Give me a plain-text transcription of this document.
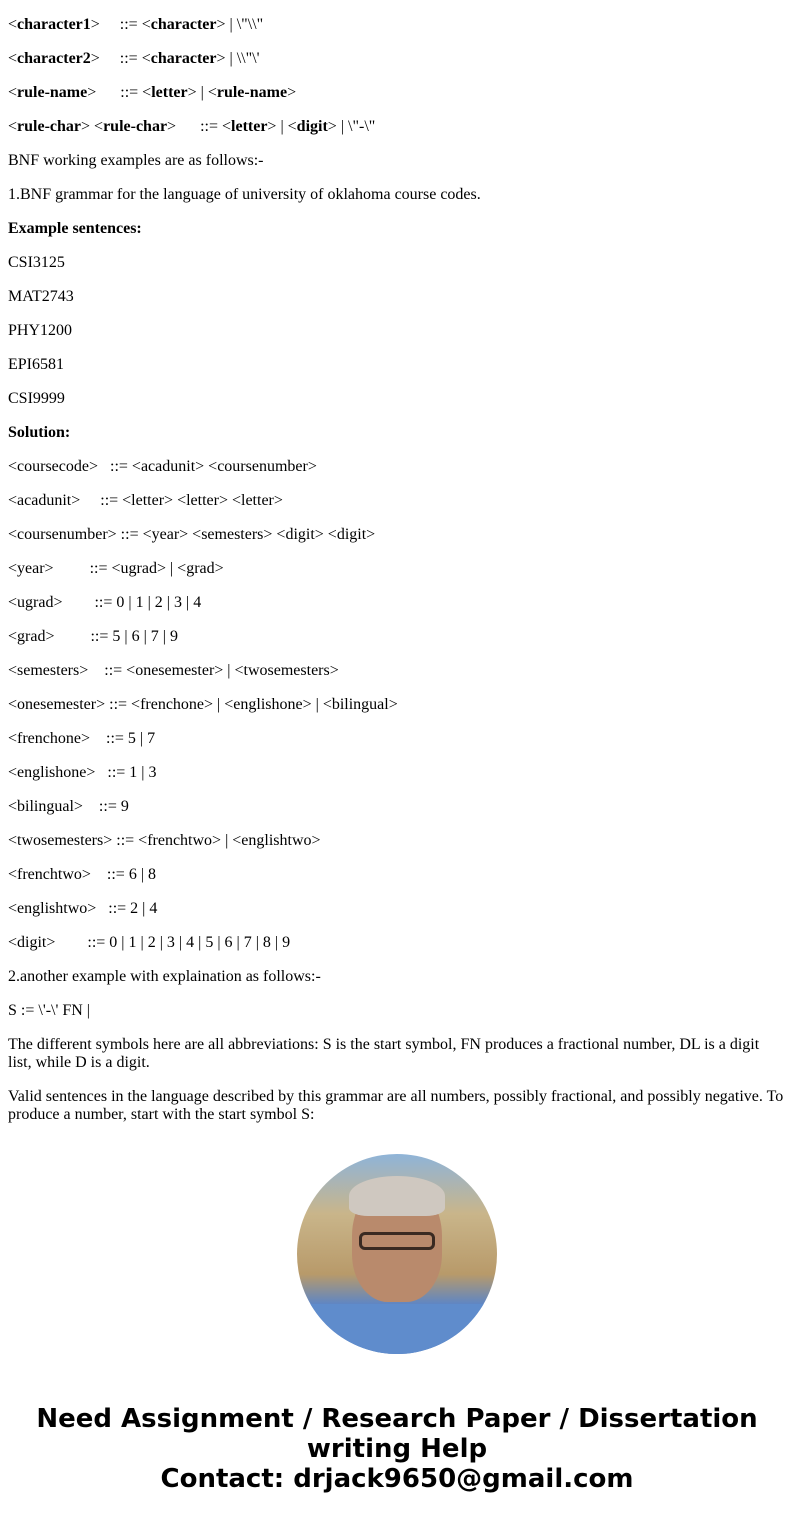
<character1>     ::= <character> | \"\\"

<character2>     ::= <character> | \\"\'

<rule-name>      ::= <letter> | <rule-name>

<rule-char> <rule-char>      ::= <letter> | <digit> | \"-\"

BNF working examples are as follows:-

1.BNF grammar for the language of university of oklahoma course codes.

Example sentences:

CSI3125

MAT2743

PHY1200

EPI6581

CSI9999

Solution:

<coursecode>   ::= <acadunit> <coursenumber>

<acadunit>     ::= <letter> <letter> <letter>

<coursenumber> ::= <year> <semesters> <digit> <digit>

<year>         ::= <ugrad> | <grad>

<ugrad>        ::= 0 | 1 | 2 | 3 | 4

<grad>         ::= 5 | 6 | 7 | 9

<semesters>    ::= <onesemester> | <twosemesters>

<onesemester> ::= <frenchone> | <englishone> | <bilingual>

<frenchone>    ::= 5 | 7

<englishone>   ::= 1 | 3

<bilingual>    ::= 9

<twosemesters> ::= <frenchtwo> | <englishtwo>

<frenchtwo>    ::= 6 | 8

<englishtwo>   ::= 2 | 4

<digit>        ::= 0 | 1 | 2 | 3 | 4 | 5 | 6 | 7 | 8 | 9

2.another example with explaination as follows:-

S := \'-\' FN |

The different symbols here are all abbreviations: S is the start symbol, FN produces a fractional number, DL is a digit list, while D is a digit.

Valid sentences in the language described by this grammar are all numbers, possibly fractional, and possibly negative. To produce a number, start with the start symbol S:

Need Assignment / Research Paper / Dissertation writing Help
Contact: drjack9650@gmail.com
